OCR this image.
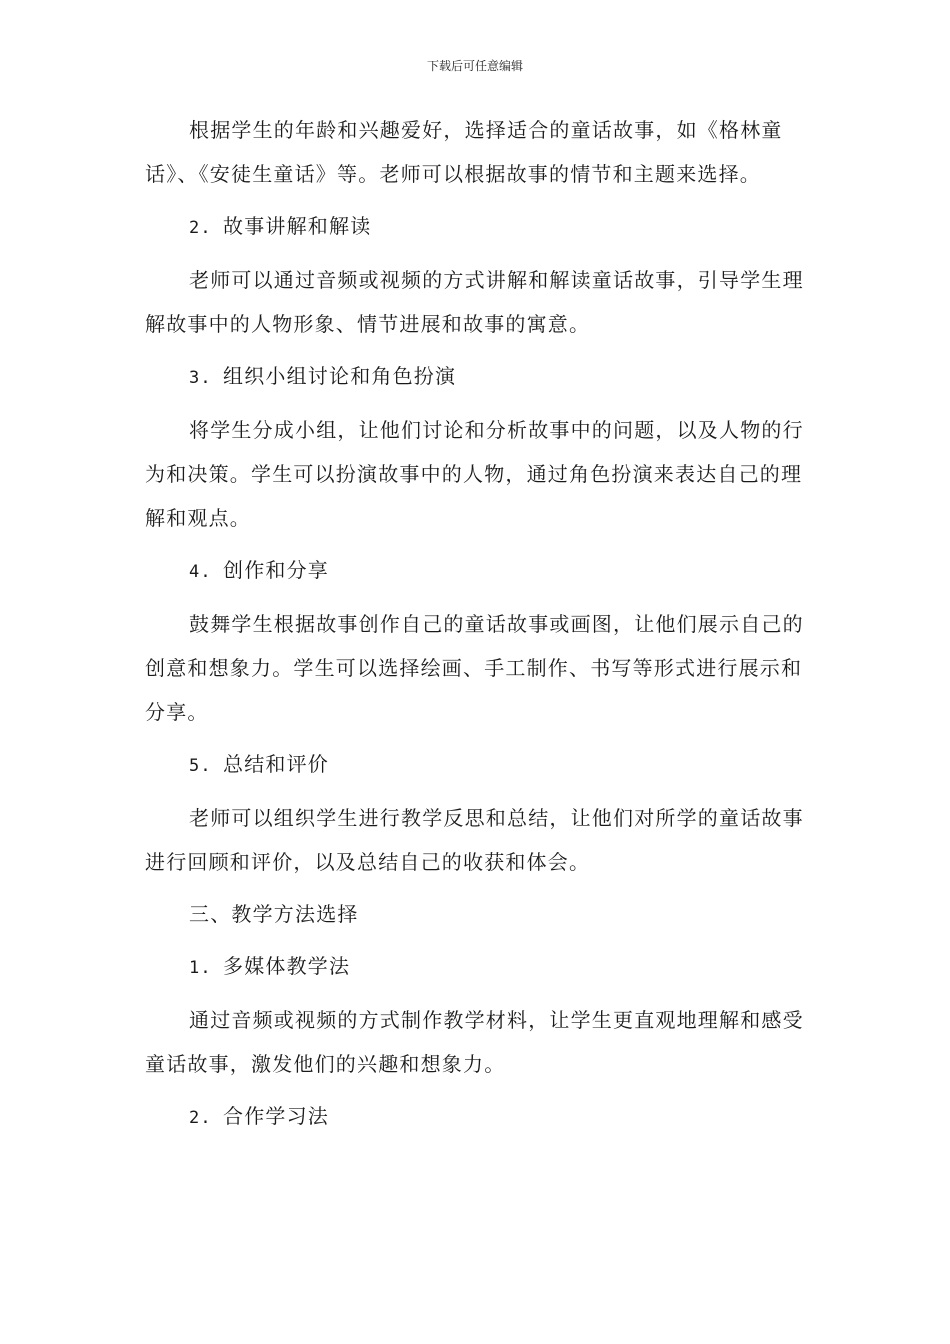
下载后可任意编辑

根据学生的年龄和兴趣爱好，选择适合的童话故事，如《格林童话》、《安徒生童话》等。老师可以根据故事的情节和主题来选择。

2. 故事讲解和解读

老师可以通过音频或视频的方式讲解和解读童话故事，引导学生理解故事中的人物形象、情节进展和故事的寓意。

3. 组织小组讨论和角色扮演

将学生分成小组，让他们讨论和分析故事中的问题，以及人物的行为和决策。学生可以扮演故事中的人物，通过角色扮演来表达自己的理解和观点。

4. 创作和分享

鼓舞学生根据故事创作自己的童话故事或画图，让他们展示自己的创意和想象力。学生可以选择绘画、手工制作、书写等形式进行展示和分享。

5. 总结和评价

老师可以组织学生进行教学反思和总结，让他们对所学的童话故事进行回顾和评价，以及总结自己的收获和体会。

三、教学方法选择
1. 多媒体教学法

通过音频或视频的方式制作教学材料，让学生更直观地理解和感受童话故事，激发他们的兴趣和想象力。

2. 合作学习法
